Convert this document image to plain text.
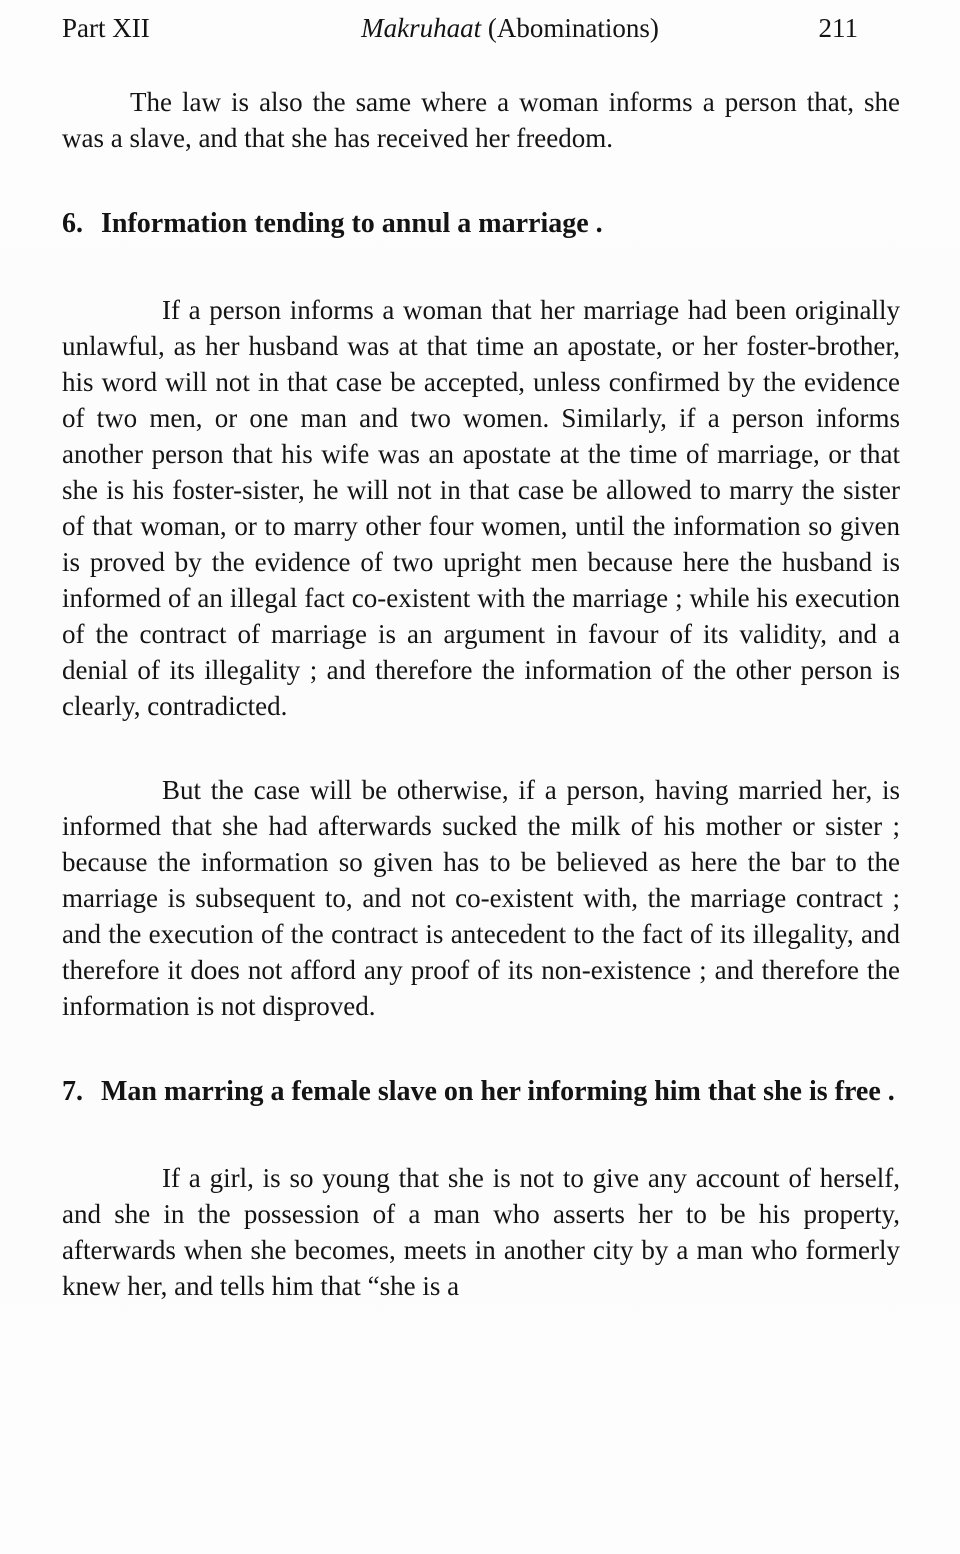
Part XII	Makruhaat (Abominations)	211

The law is also the same where a woman informs a person that, she was a slave, and that she has received her freedom.

6. Information tending to annul a marriage .

If a person informs a woman that her marriage had been originally unlawful, as her husband was at that time an apostate, or her foster-brother, his word will not in that case be accepted, unless confirmed by the evidence of two men, or one man and two women. Similarly, if a person informs another person that his wife was an apostate at the time of marriage, or that she is his foster-sister, he will not in that case be allowed to marry the sister of that woman, or to marry other four women, until the information so given is proved by the evidence of two upright men because here the husband is informed of an illegal fact co-existent with the marriage ; while his execution of the contract of marriage is an argument in favour of its validity, and a denial of its illegality ; and therefore the information of the other person is clearly, contradicted.

But the case will be otherwise, if a person, having married her, is informed that she had afterwards sucked the milk of his mother or sister ; because the information so given has to be believed as here the bar to the marriage is subsequent to, and not co-existent with, the marriage contract ; and the execution of the contract is antecedent to the fact of its illegality, and therefore it does not afford any proof of its non-existence ; and therefore the information is not disproved.

7. Man marring a female slave on her informing him that she is free .

If a girl, is so young that she is not to give any account of herself, and she in the possession of a man who asserts her to be his property, afterwards when she becomes, meets in another city by a man who formerly knew her, and tells him that “she is a
